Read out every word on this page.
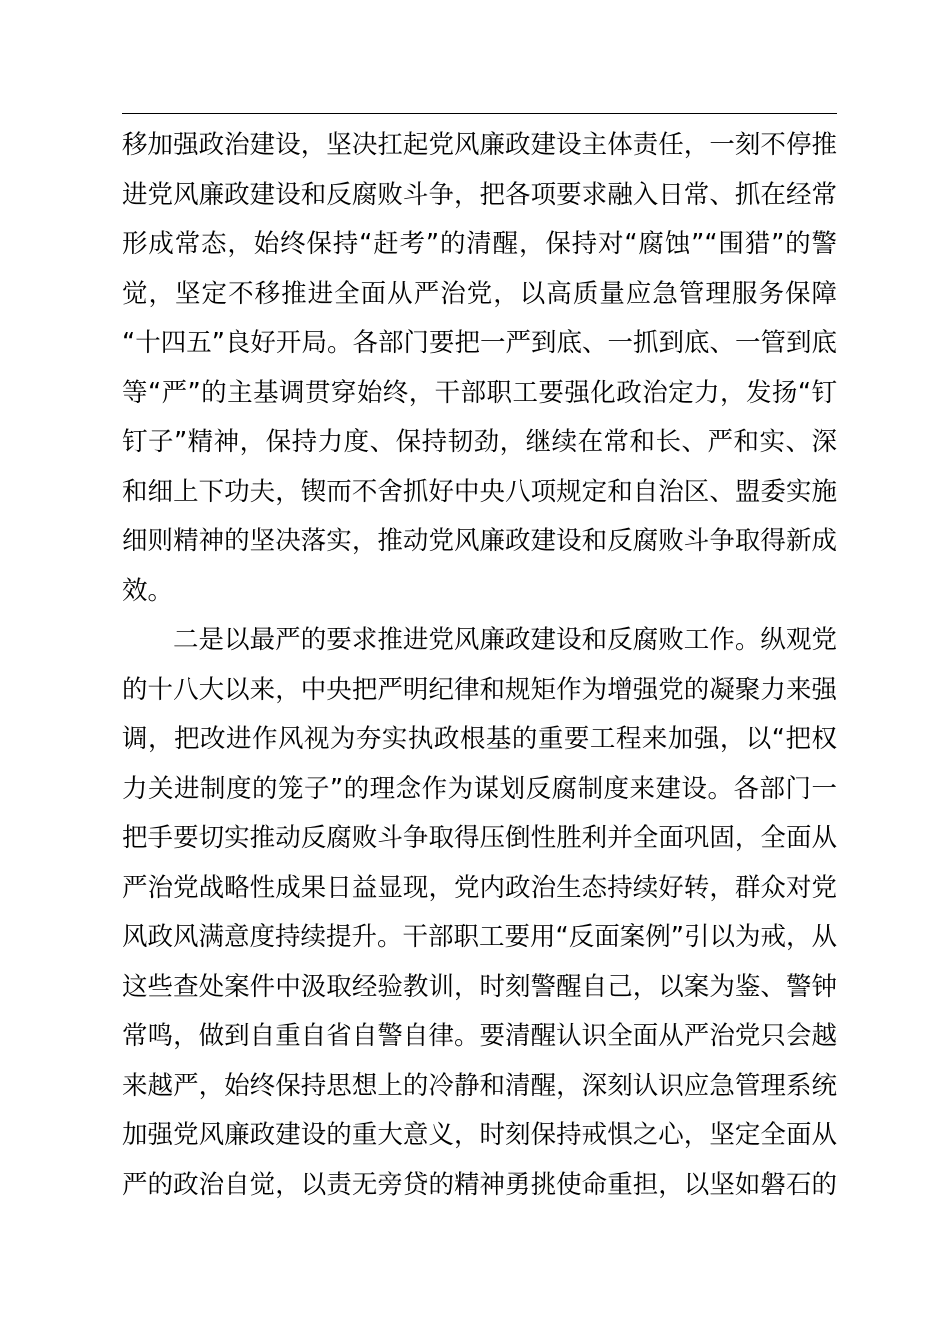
移加强政治建设，坚决扛起党风廉政建设主体责任，一刻不停推
进党风廉政建设和反腐败斗争，把各项要求融入日常、抓在经常
形成常态，始终保持“赶考”的清醒，保持对“腐蚀”“围猎”的警
觉，坚定不移推进全面从严治党，以高质量应急管理服务保障
“十四五”良好开局。各部门要把一严到底、一抓到底、一管到底
等“严”的主基调贯穿始终，干部职工要强化政治定力，发扬“钉
钉子”精神，保持力度、保持韧劲，继续在常和长、严和实、深
和细上下功夫，锲而不舍抓好中央八项规定和自治区、盟委实施
细则精神的坚决落实，推动党风廉政建设和反腐败斗争取得新成
效。
二是以最严的要求推进党风廉政建设和反腐败工作。纵观党
的十八大以来，中央把严明纪律和规矩作为增强党的凝聚力来强
调，把改进作风视为夯实执政根基的重要工程来加强，以“把权
力关进制度的笼子”的理念作为谋划反腐制度来建设。各部门一
把手要切实推动反腐败斗争取得压倒性胜利并全面巩固，全面从
严治党战略性成果日益显现，党内政治生态持续好转，群众对党
风政风满意度持续提升。干部职工要用“反面案例”引以为戒，从
这些查处案件中汲取经验教训，时刻警醒自己，以案为鉴、警钟
常鸣，做到自重自省自警自律。要清醒认识全面从严治党只会越
来越严，始终保持思想上的冷静和清醒，深刻认识应急管理系统
加强党风廉政建设的重大意义，时刻保持戒惧之心，坚定全面从
严的政治自觉，以责无旁贷的精神勇挑使命重担，以坚如磐石的
